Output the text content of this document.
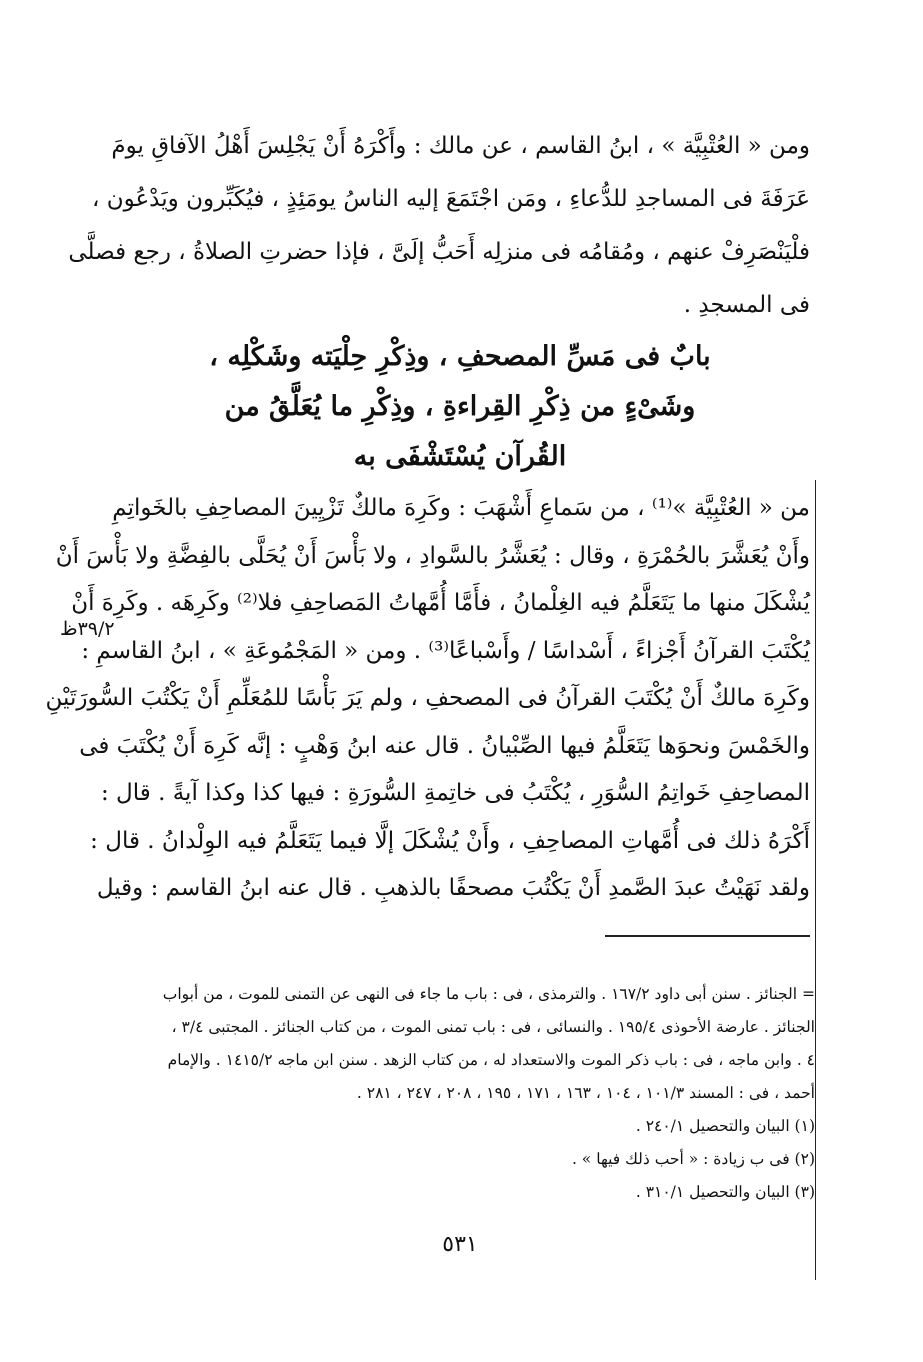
ومن « العُتْبِيَّة » ، ابنُ القاسم ، عن مالك : وأَكْرَهُ أَنْ يَجْلِسَ أَهْلُ الآفاقِ يومَ
عَرَفَةَ فى المساجدِ للدُّعاءِ ، ومَن اجْتَمَعَ إليه الناسُ يومَئِذٍ ، فيُكَبِّرون ويَدْعُون ،
فلْيَنْصَرِفْ عنهم ، ومُقامُه فى منزلِه أَحَبُّ إلَىَّ ، فإذا حضرتِ الصلاةُ ، رجع فصلَّى
فى المسجدِ .
بابٌ فى مَسِّ المصحفِ ، وذِكْرِ حِلْيَته وشَكْلِه ،
وشَىْءٍ من ذِكْرِ القِراءةِ ، وذِكْرِ ما يُعَلَّقُ من
القُرآن يُسْتَشْفَى به
من « العُتْبِيَّة »⁽¹⁾ ، من سَماعِ أَشْهَبَ : وكَرِهَ مالكٌ تَزْيِينَ المصاحِفِ بالخَواتِمِ
وأَنْ يُعَشَّرَ بالحُمْرَةِ ، وقال : يُعَشَّرُ بالسَّوادِ ، ولا بَأْسَ أَنْ يُحَلَّى بالفِضَّةِ ولا بَأْسَ أَنْ
يُشْكَلَ منها ما يَتَعَلَّمُ فيه الغِلْمانُ ، فأَمَّا أُمَّهاتُ المَصاحِفِ فلا⁽²⁾ وكَرِهَه . وكَرِهَ أَنْ
يُكْتَبَ القرآنُ أَجْزاءً ، أَسْداسًا / وأَسْباعًا⁽³⁾ . ومن « المَجْمُوعَةِ » ، ابنُ القاسمِ :
وكَرِهَ مالكٌ أَنْ يُكْتَبَ القرآنُ فى المصحفِ ، ولم يَرَ بَأْسًا للمُعَلِّمِ أَنْ يَكْتُبَ السُّورَتَيْنِ
والخَمْسَ ونحوَها يَتَعَلَّمُ فيها الصِّبْيانُ . قال عنه ابنُ وَهْبٍ : إنَّه كَرِهَ أَنْ يُكْتَبَ فى
المصاحِفِ خَواتِمُ السُّوَرِ ، يُكْتَبُ فى خاتِمةِ السُّورَةِ : فيها كذا وكذا آيةً . قال :
أَكْرَهُ ذلك فى أُمَّهاتِ المصاحِفِ ، وأَنْ يُشْكَلَ إلَّا فيما يَتَعَلَّمُ فيه الوِلْدانُ . قال :
ولقد نَهَيْتُ عبدَ الصَّمدِ أَنْ يَكْتُبَ مصحفًا بالذهبِ . قال عنه ابنُ القاسم : وقيل
٣٩/٢ظ
= الجنائز . سنن أبى داود ١٦٧/٢ . والترمذى ، فى : باب ما جاء فى النهى عن التمنى للموت ، من أبواب
الجنائز . عارضة الأحوذى ١٩٥/٤ . والنسائى ، فى : باب تمنى الموت ، من كتاب الجنائز . المجتبى ٣/٤ ،
٤ . وابن ماجه ، فى : باب ذكر الموت والاستعداد له ، من كتاب الزهد . سنن ابن ماجه ١٤١٥/٢ . والإمام
أحمد ، فى : المسند ١٠١/٣ ، ١٠٤ ، ١٦٣ ، ١٧١ ، ١٩٥ ، ٢٠٨ ، ٢٤٧ ، ٢٨١ .
(١) البيان والتحصيل ٢٤٠/١ .
(٢) فى ب زيادة : « أحب ذلك فيها » .
(٣) البيان والتحصيل ٣١٠/١ .
٥٣١
